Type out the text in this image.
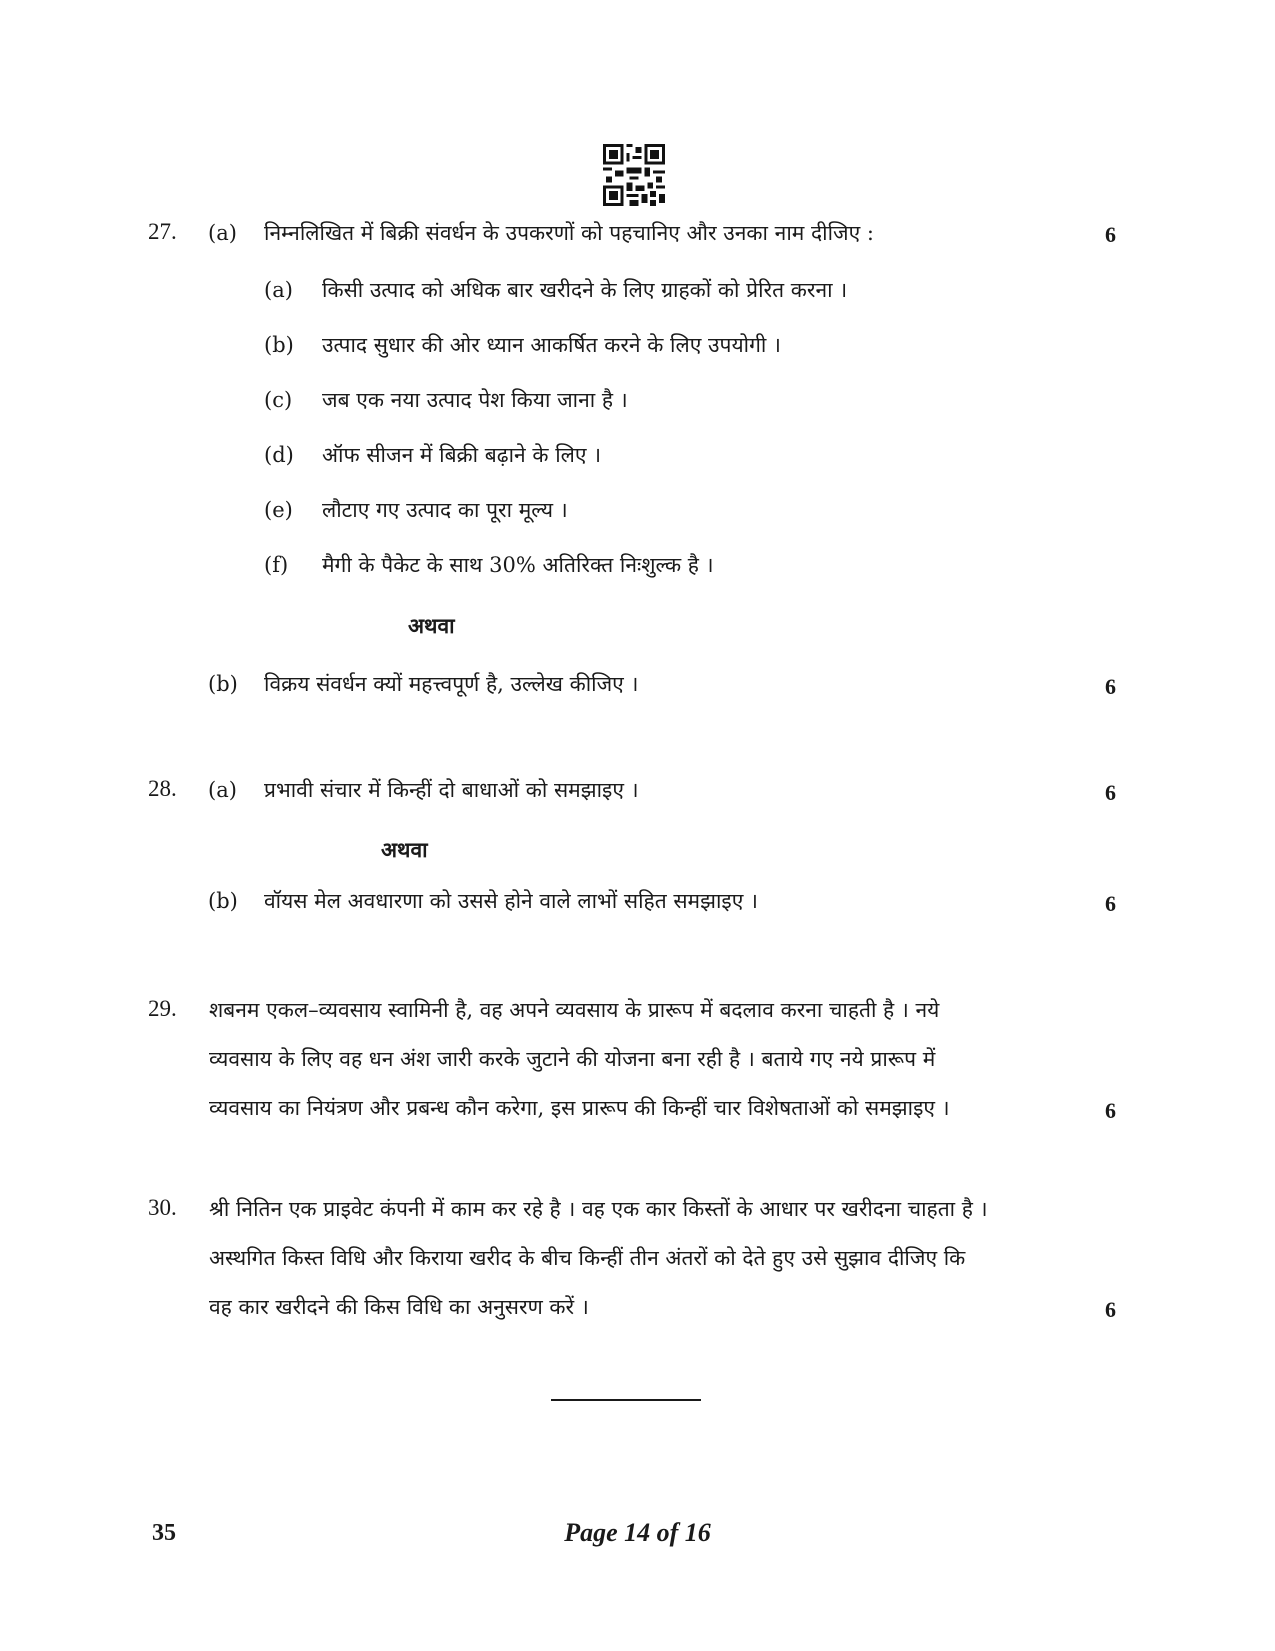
27. (a) निम्नलिखित में बिक्री संवर्धन के उपकरणों को पहचानिए और उनका नाम दीजिए :	6
(a) किसी उत्पाद को अधिक बार खरीदने के लिए ग्राहकों को प्रेरित करना ।
(b) उत्पाद सुधार की ओर ध्यान आकर्षित करने के लिए उपयोगी ।
(c) जब एक नया उत्पाद पेश किया जाना है ।
(d) ऑफ सीजन में बिक्री बढ़ाने के लिए ।
(e) लौटाए गए उत्पाद का पूरा मूल्य ।
(f) मैगी के पैकेट के साथ 30% अतिरिक्त निःशुल्क है ।
अथवा
(b) विक्रय संवर्धन क्यों महत्त्वपूर्ण है, उल्लेख कीजिए ।	6
28. (a) प्रभावी संचार में किन्हीं दो बाधाओं को समझाइए ।	6
अथवा
(b) वॉयस मेल अवधारणा को उससे होने वाले लाभों सहित समझाइए ।	6
29. शबनम एकल–व्यवसाय स्वामिनी है, वह अपने व्यवसाय के प्रारूप में बदलाव करना चाहती है । नये
व्यवसाय के लिए वह धन अंश जारी करके जुटाने की योजना बना रही है । बताये गए नये प्रारूप में
व्यवसाय का नियंत्रण और प्रबन्ध कौन करेगा, इस प्रारूप की किन्हीं चार विशेषताओं को समझाइए ।	6
30. श्री नितिन एक प्राइवेट कंपनी में काम कर रहे है । वह एक कार किस्तों के आधार पर खरीदना चाहता है ।
अस्थगित किस्त विधि और किराया खरीद के बीच किन्हीं तीन अंतरों को देते हुए उसे सुझाव दीजिए कि
वह कार खरीदने की किस विधि का अनुसरण करें ।	6
35	Page 14 of 16
